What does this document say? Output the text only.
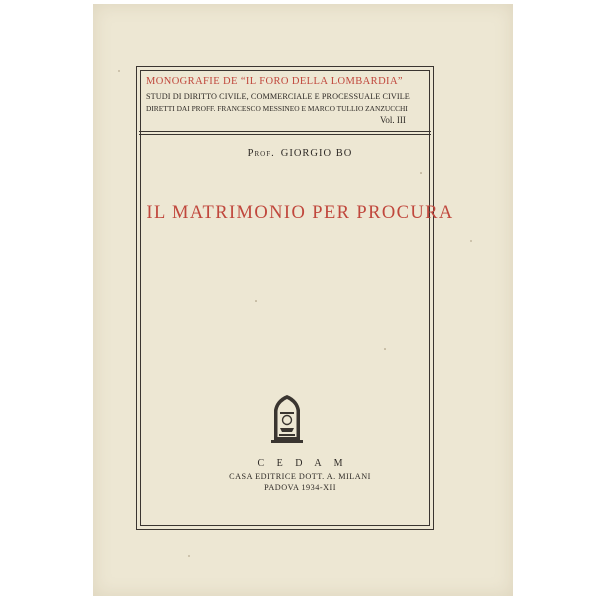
MONOGRAFIE DE “IL FORO DELLA LOMBARDIA”
STUDI DI DIRITTO CIVILE, COMMERCIALE E PROCESSUALE CIVILE
DIRETTI DAI PROFF. FRANCESCO MESSINEO E MARCO TULLIO ZANZUCCHI
Vol. III
Prof. GIORGIO BO
IL MATRIMONIO PER PROCURA
C E D A M
CASA EDITRICE DOTT. A. MILANI
PADOVA 1934-XII
